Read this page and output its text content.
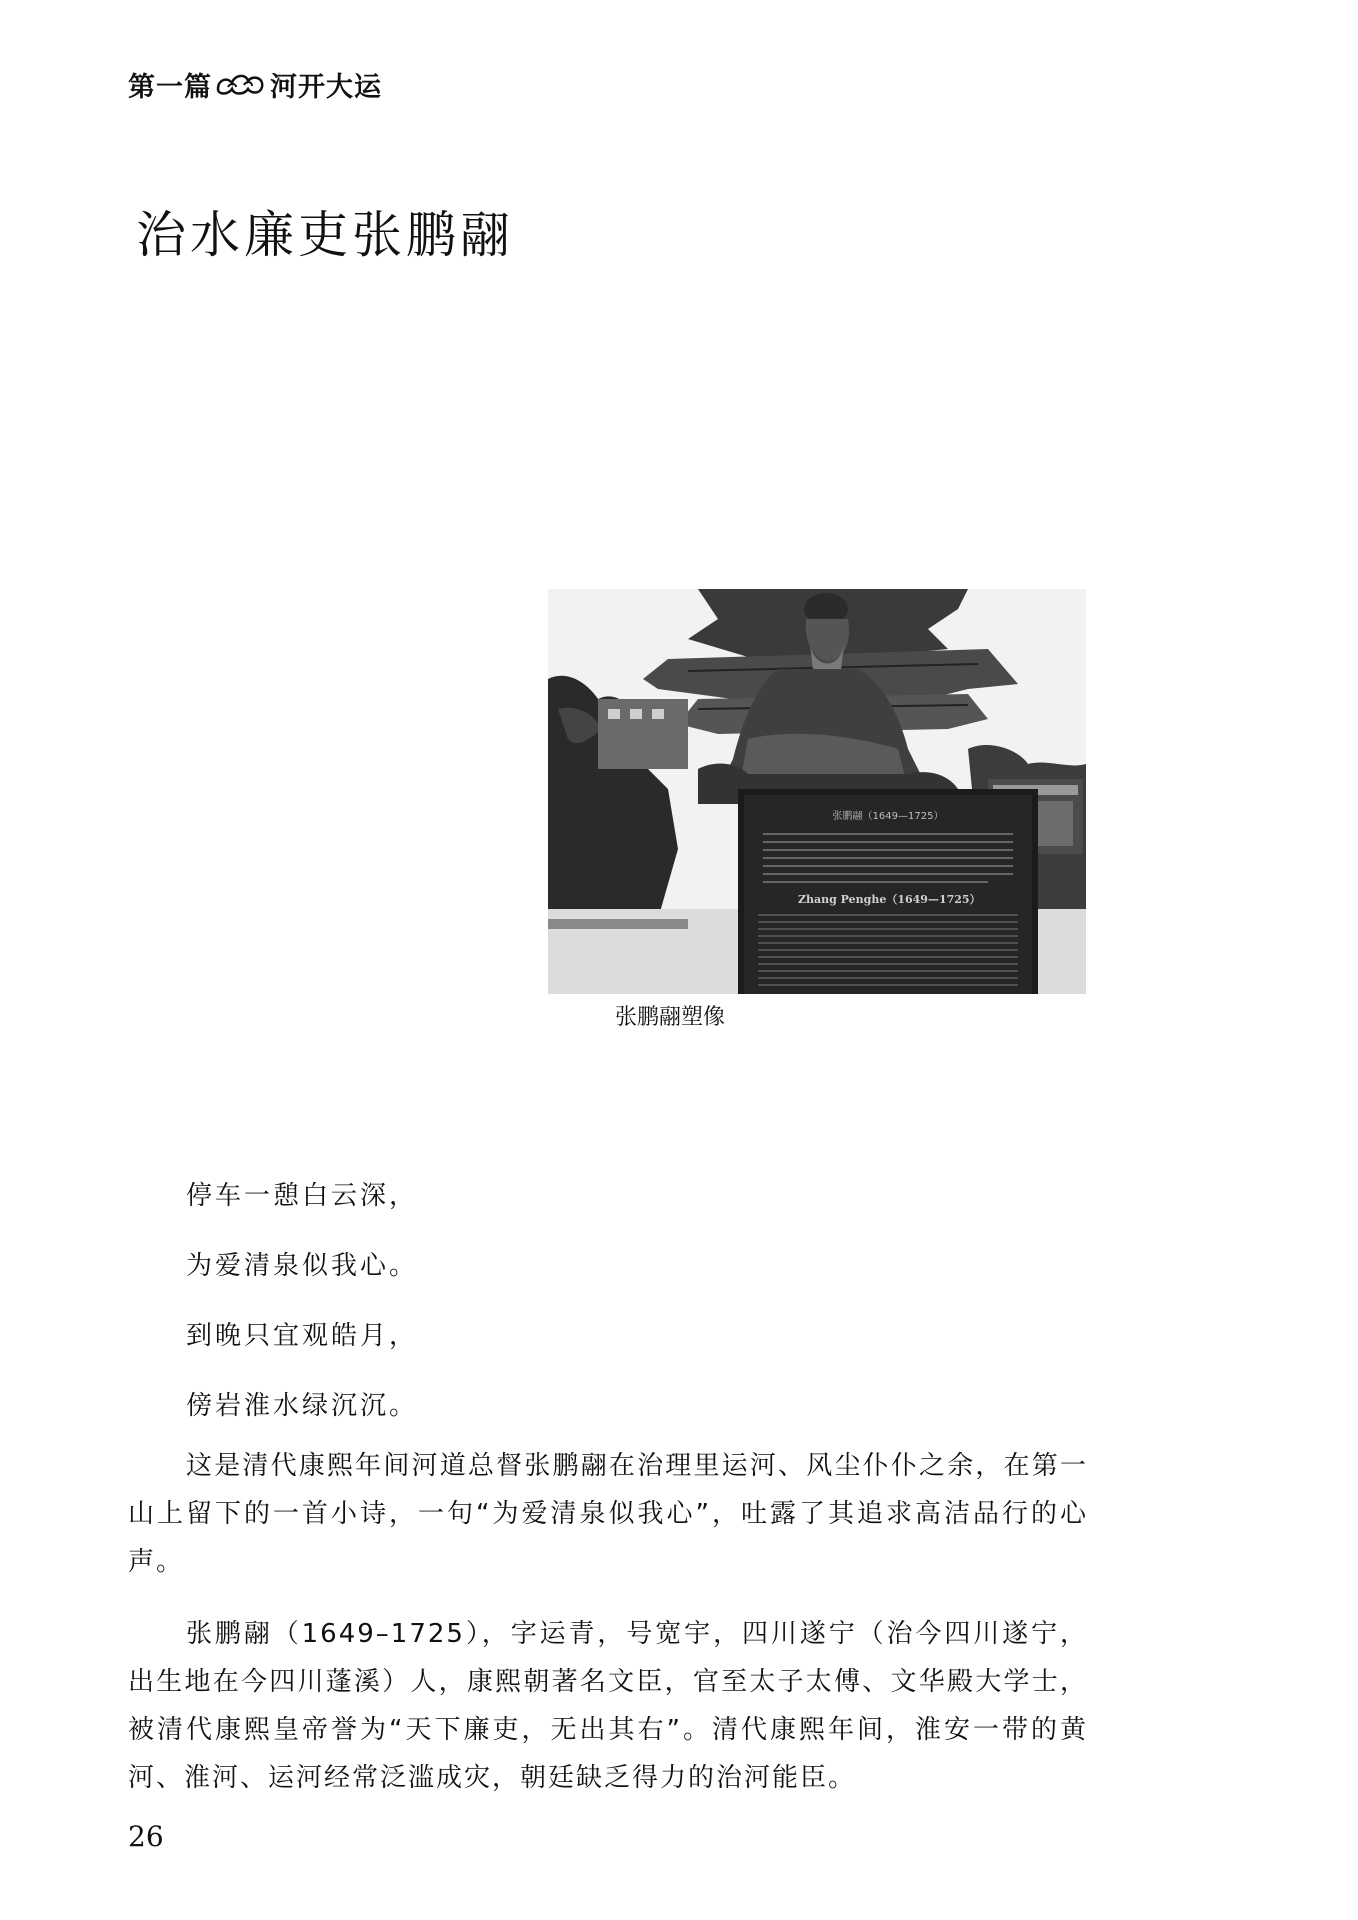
第一篇 河开大运
治水廉吏张鹏翮
张鹏翮（1649—1725）
Zhang Penghe（1649—1725）
张鹏翮塑像
停车一憩白云深，
为爱清泉似我心。
到晚只宜观皓月，
傍岩淮水绿沉沉。

这是清代康熙年间河道总督张鹏翮在治理里运河、风尘仆仆之余，在第一山上留下的一首小诗，一句“为爱清泉似我心”，吐露了其追求高洁品行的心声。

张鹏翮（1649–1725），字运青，号宽宇，四川遂宁（治今四川遂宁，出生地在今四川蓬溪）人，康熙朝著名文臣，官至太子太傅、文华殿大学士，被清代康熙皇帝誉为“天下廉吏，无出其右”。清代康熙年间，淮安一带的黄河、淮河、运河经常泛滥成灾，朝廷缺乏得力的治河能臣。

26
